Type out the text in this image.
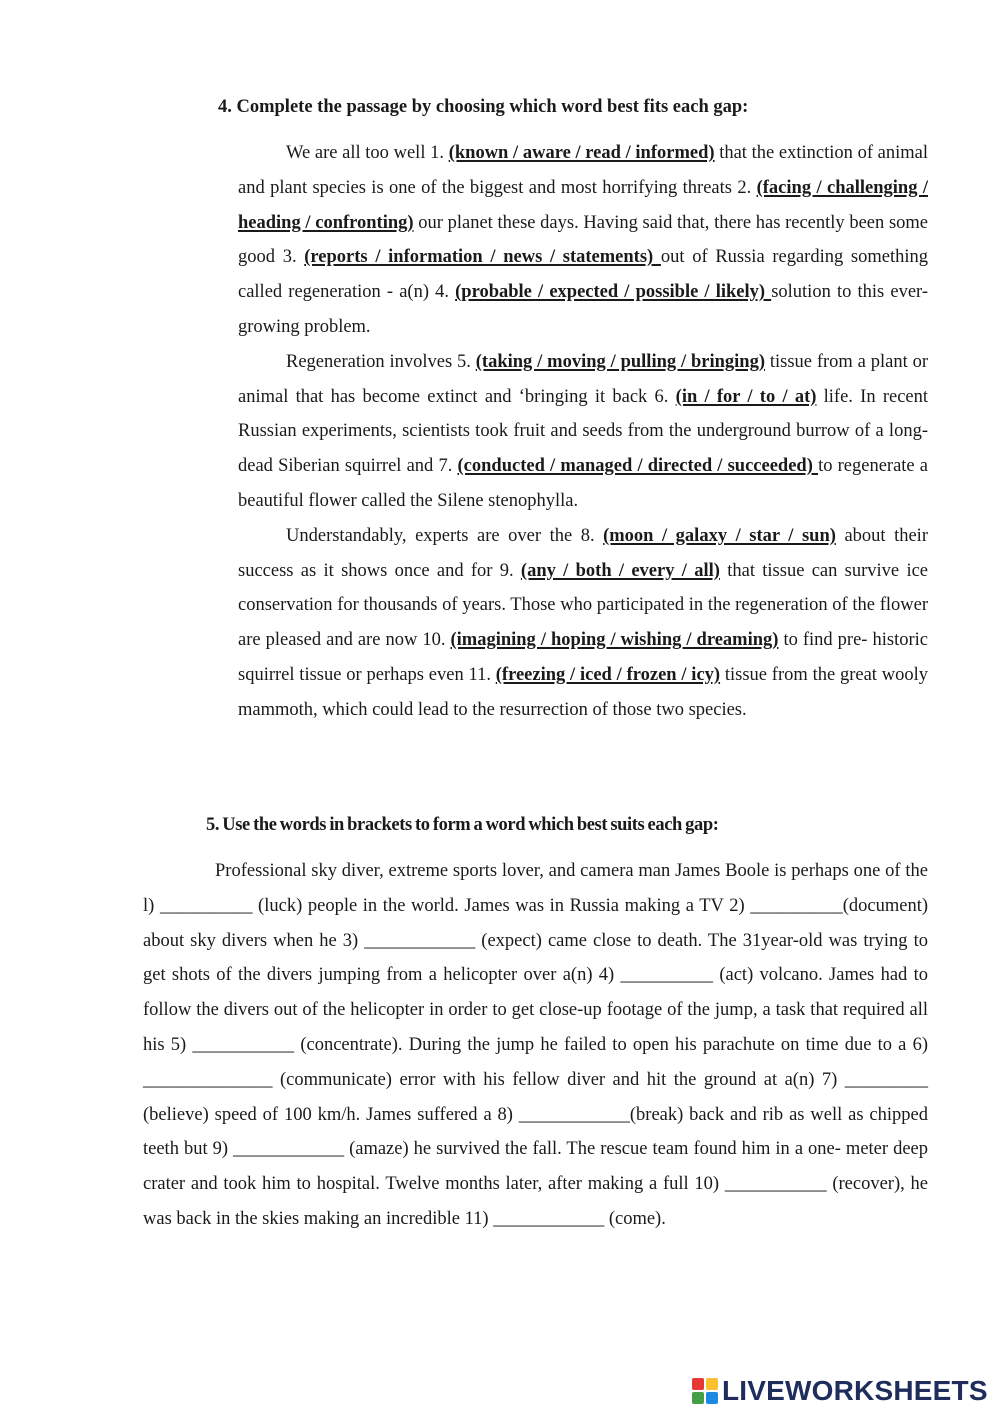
4. Complete the passage by choosing which word best fits each gap:

We are all too well 1. (known / aware / read / informed) that the extinction of animal and plant species is one of the biggest and most horrifying threats 2. (facing / challenging / heading / confronting) our planet these days. Having said that, there has recently been some good 3. (reports / information / news / statements) out of Russia regarding something called regeneration - a(n) 4. (probable / expected / possible / likely) solution to this ever-growing problem.

Regeneration involves 5. (taking / moving / pulling / bringing) tissue from a plant or animal that has become extinct and ‘bringing it back 6. (in / for / to / at) life. In recent Russian experiments, scientists took fruit and seeds from the underground burrow of a long-dead Siberian squirrel and 7. (conducted / managed / directed / succeeded) to regenerate a beautiful flower called the Silene stenophylla.

Understandably, experts are over the 8. (moon / galaxy / star / sun) about their success as it shows once and for 9. (any / both / every / all) that tissue can survive ice conservation for thousands of years. Those who participated in the regeneration of the flower are pleased and are now 10. (imagining / hoping / wishing / dreaming) to find pre- historic squirrel tissue or perhaps even 11. (freezing / iced / frozen / icy) tissue from the great wooly mammoth, which could lead to the resurrection of those two species.

5. Use the words in brackets to form a word which best suits each gap:

Professional sky diver, extreme sports lover, and camera man James Boole is perhaps one of the l) __________ (luck) people in the world. James was in Russia making a TV 2) __________(document) about sky divers when he 3) ____________ (expect) came close to death. The 31year-old was trying to get shots of the divers jumping from a helicopter over a(n) 4) __________ (act) volcano. James had to follow the divers out of the helicopter in order to get close-up footage of the jump, a task that required all his 5) ___________ (concentrate). During the jump he failed to open his parachute on time due to a 6) ______________ (communicate) error with his fellow diver and hit the ground at a(n) 7) _________ (believe) speed of 100 km/h. James suffered a 8) ____________(break) back and rib as well as chipped teeth but 9) ____________ (amaze) he survived the fall. The rescue team found him in a one- meter deep crater and took him to hospital. Twelve months later, after making a full 10) ___________ (recover), he was back in the skies making an incredible 11) ____________ (come).

LIVEWORKSHEETS
